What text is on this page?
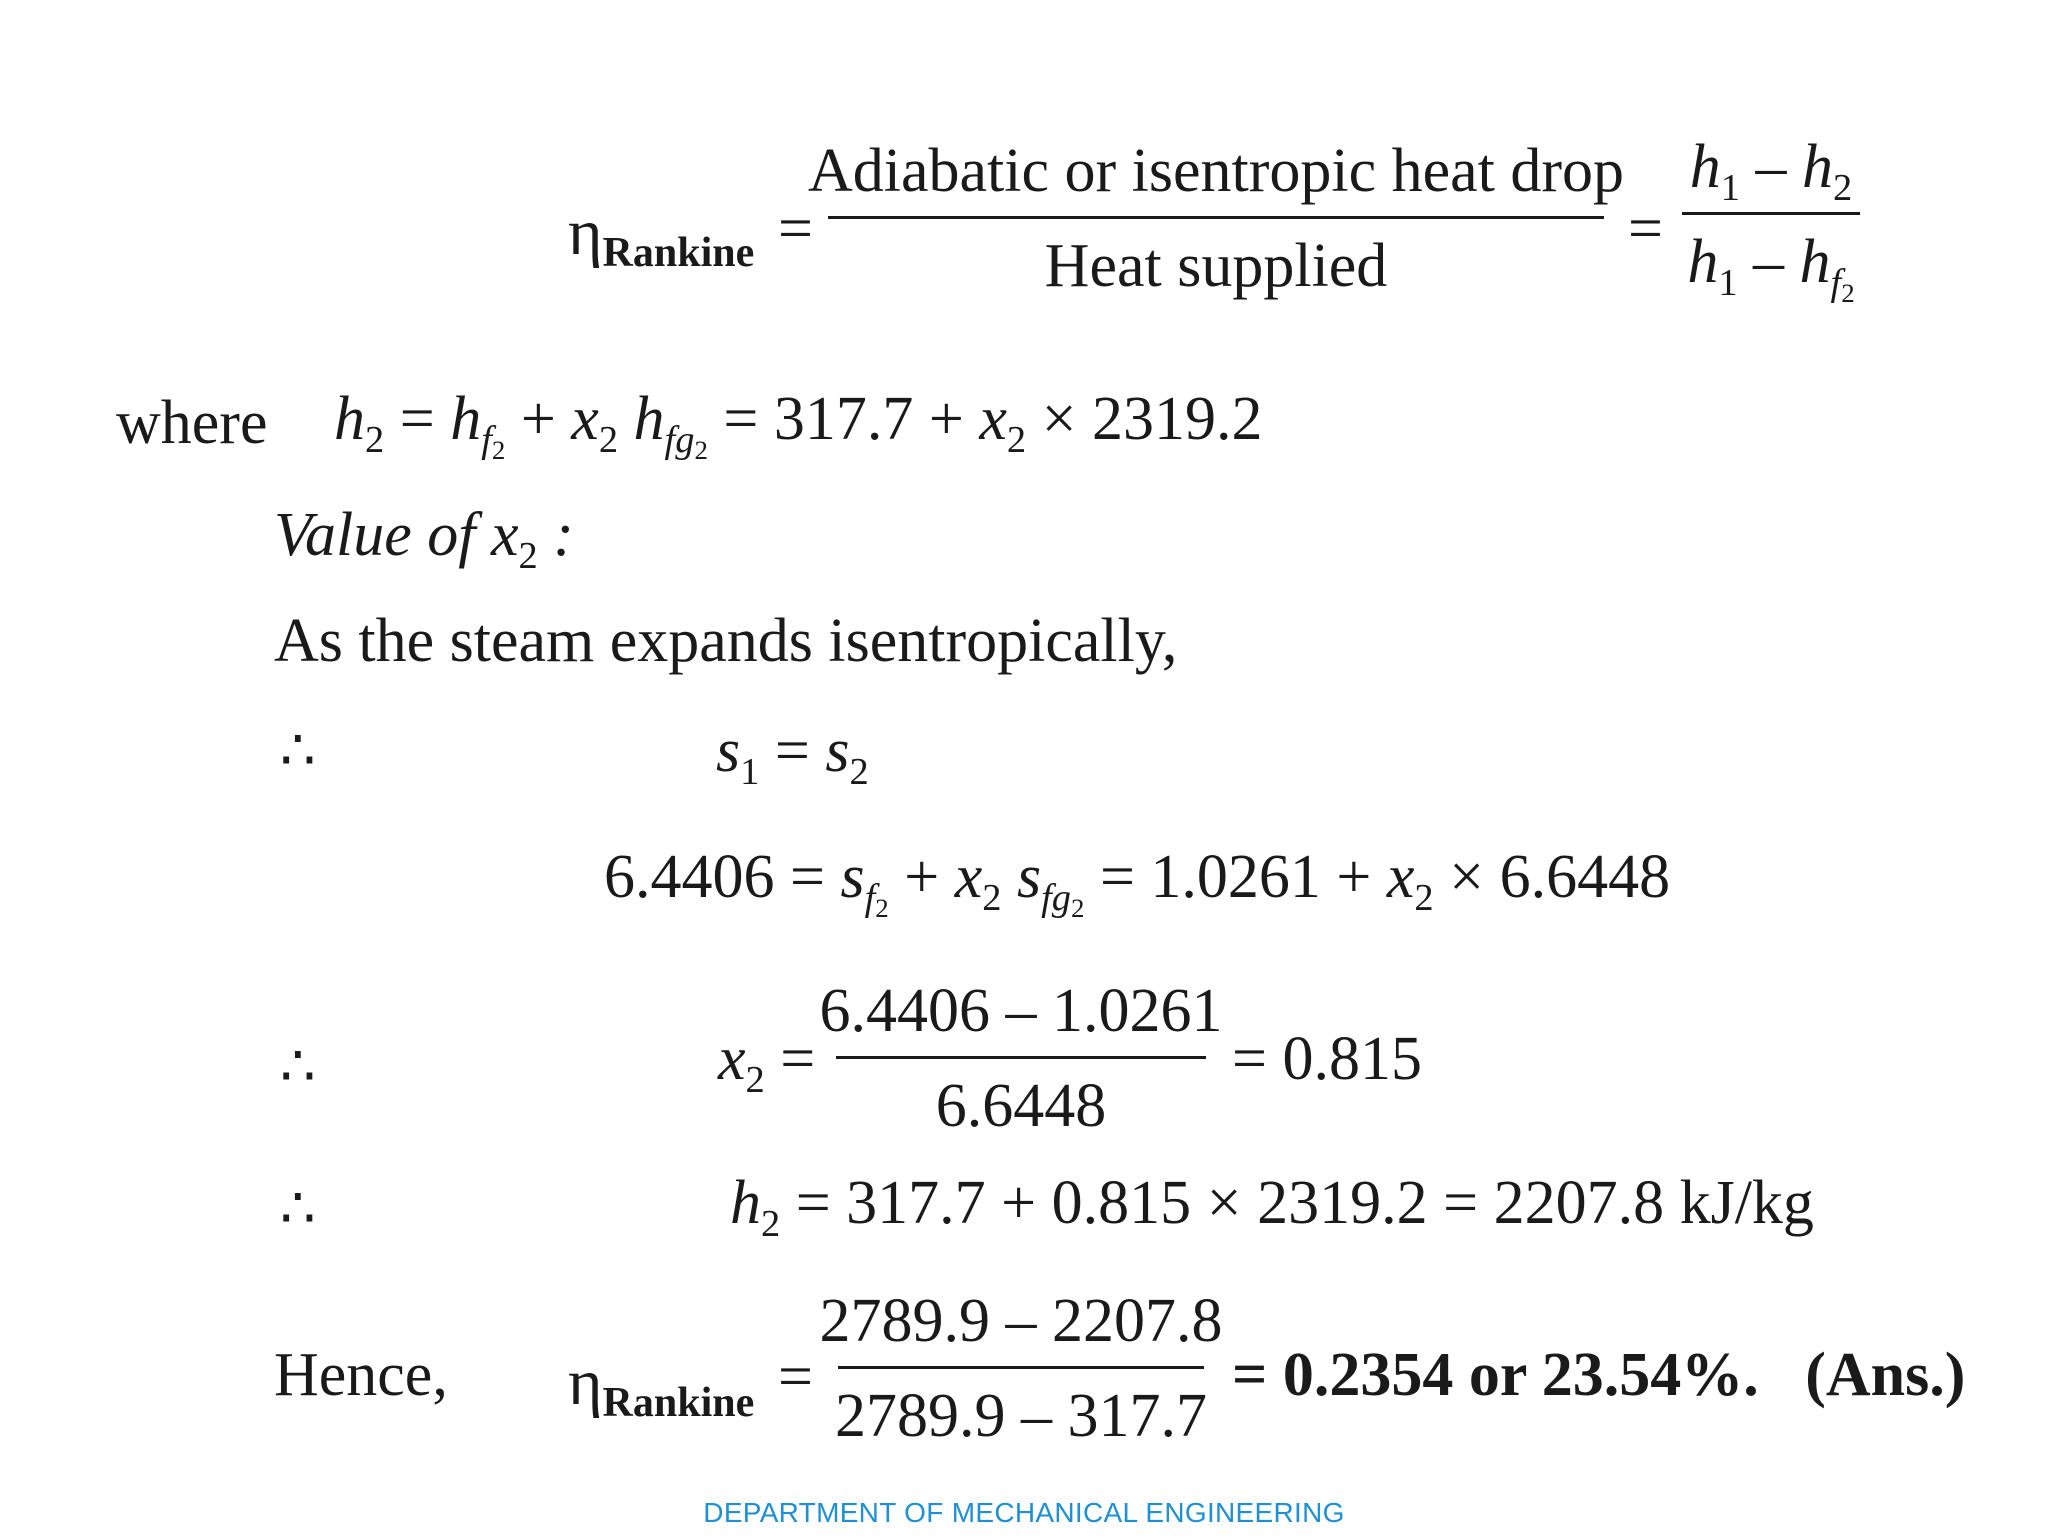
ηRankine =
Adiabatic or isentropic heat drop
Heat supplied
=
$h_1 - h_2$
$h_1 - h_{f2}$
where $h_2 = h_{f2} + x_2$ $h_{fg2} = 317.7 + x_2 \times 2319.2$
Value of $x_2$ :
As the steam expands isentropically,
∴	$s_1 = s_2$
$6.4406 = s_{f2} + x_2$ $s_{fg2} = 1.0261 + x_2 \times 6.6448$
∴	$x_2$ =
6.4406 – 1.0261
6.6448
= 0.815
∴	$h_2 = 317.7 + 0.815 \times 2319.2 = 2207.8$ kJ/kg
Hence, ηRankine =
2789.9 – 2207.8
2789.9 – 317.7
= 0.2354 or 23.54%. (Ans.)
DEPARTMENT OF MECHANICAL ENGINEERING
